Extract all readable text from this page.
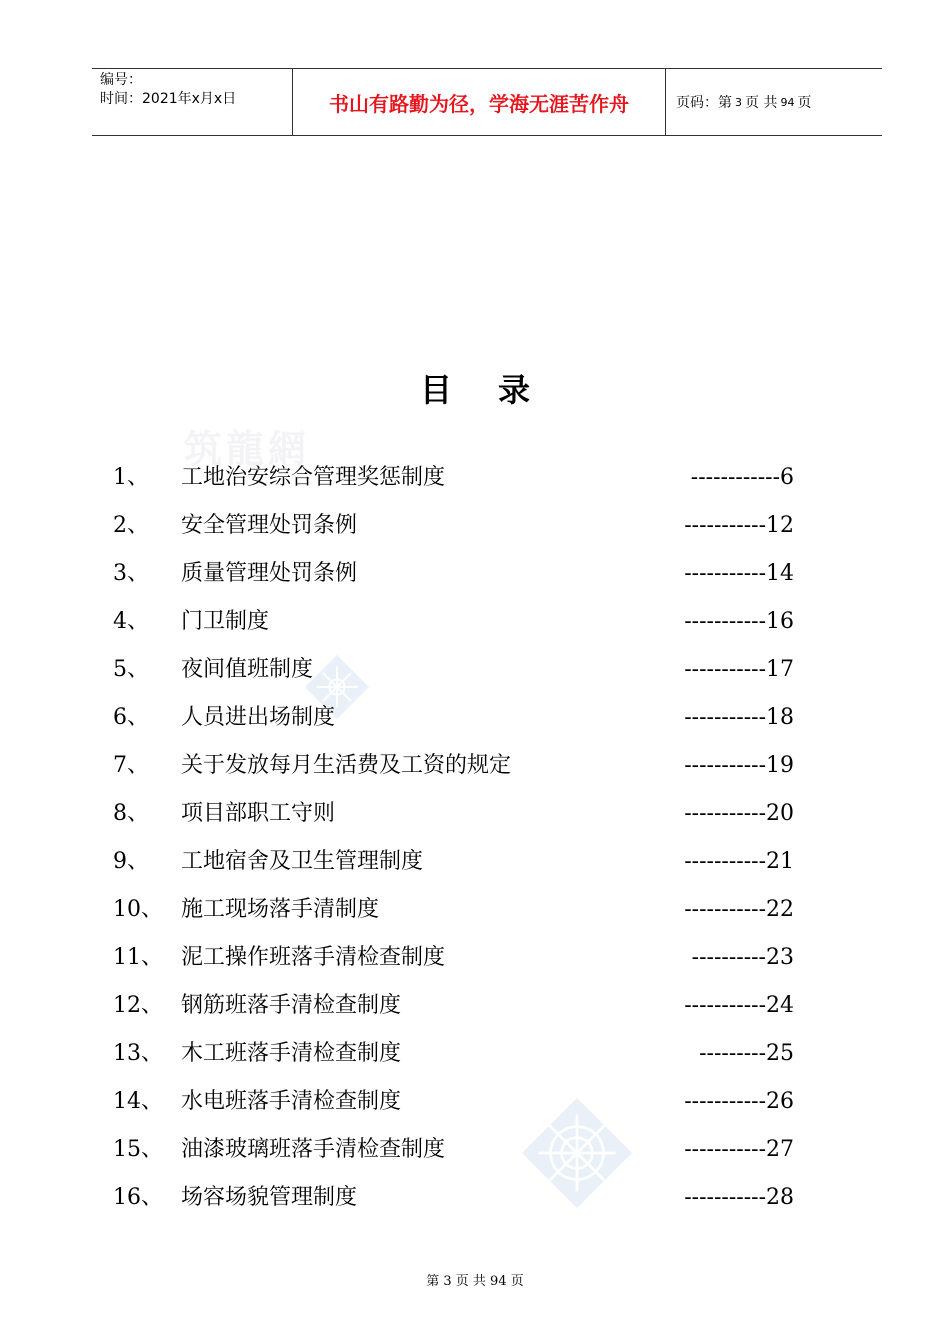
编号：
时间：2021年x月x日	书山有路勤为径，学海无涯苦作舟	页码：第 3 页 共 94 页
目录
筑龍網
1、 工地治安综合管理奖惩制度	------------6
2、 安全管理处罚条例	-----------12
3、 质量管理处罚条例	-----------14
4、 门卫制度	-----------16
5、 夜间值班制度	-----------17
6、 人员进出场制度	-----------18
7、 关于发放每月生活费及工资的规定	-----------19
8、 项目部职工守则	-----------20
9、 工地宿舍及卫生管理制度	-----------21
10、 施工现场落手清制度	-----------22
11、 泥工操作班落手清检查制度	----------23
12、 钢筋班落手清检查制度	-----------24
13、 木工班落手清检查制度	---------25
14、 水电班落手清检查制度	-----------26
15、 油漆玻璃班落手清检查制度	-----------27
16、 场容场貌管理制度	-----------28
第 3 页 共 94 页
